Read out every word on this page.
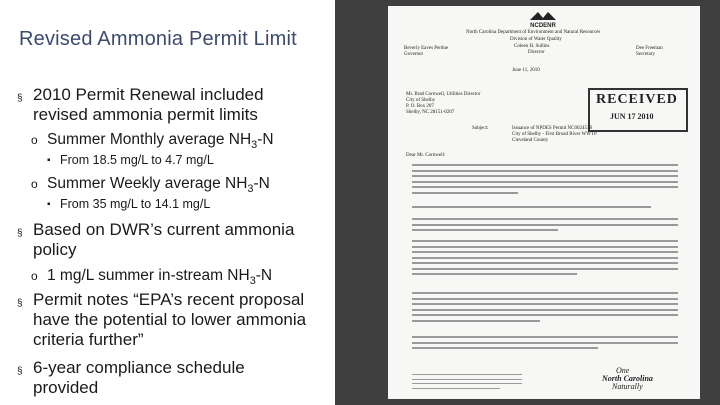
Revised Ammonia Permit Limit
§ 2010 Permit Renewal included revised ammonia permit limits
o Summer Monthly average $NH_3-N$
▪ From 18.5 mg/L to 4.7 mg/L
o Summer Weekly average $NH_3-N$
▪ From 35 mg/L to 14.1 mg/L
§ Based on DWR’s current ammonia policy
o 1 mg/L summer in-stream $NH_3-N$
§ Permit notes “EPA’s recent proposal have the potential to lower ammonia criteria further”
§ 6-year compliance schedule provided
NCDENR
North Carolina Department of Environment and Natural Resources
Division of Water Quality
Beverly Eaves Perdue
Governor
Coleen H. Sullins
Director
Dee Freeman
Secretary
June 11, 2010
Mr. Brad Cornwell, Utilities Director
City of Shelby
P. O. Box 207
Shelby, NC 28151-0207
RECEIVED
JUN 17 2010
Subject:	Issuance of NPDES Permit NC0024538
City of Shelby - First Broad River WWTP
Cleveland County
Dear Mr. Cornwell:
One
North Carolina
Naturally
